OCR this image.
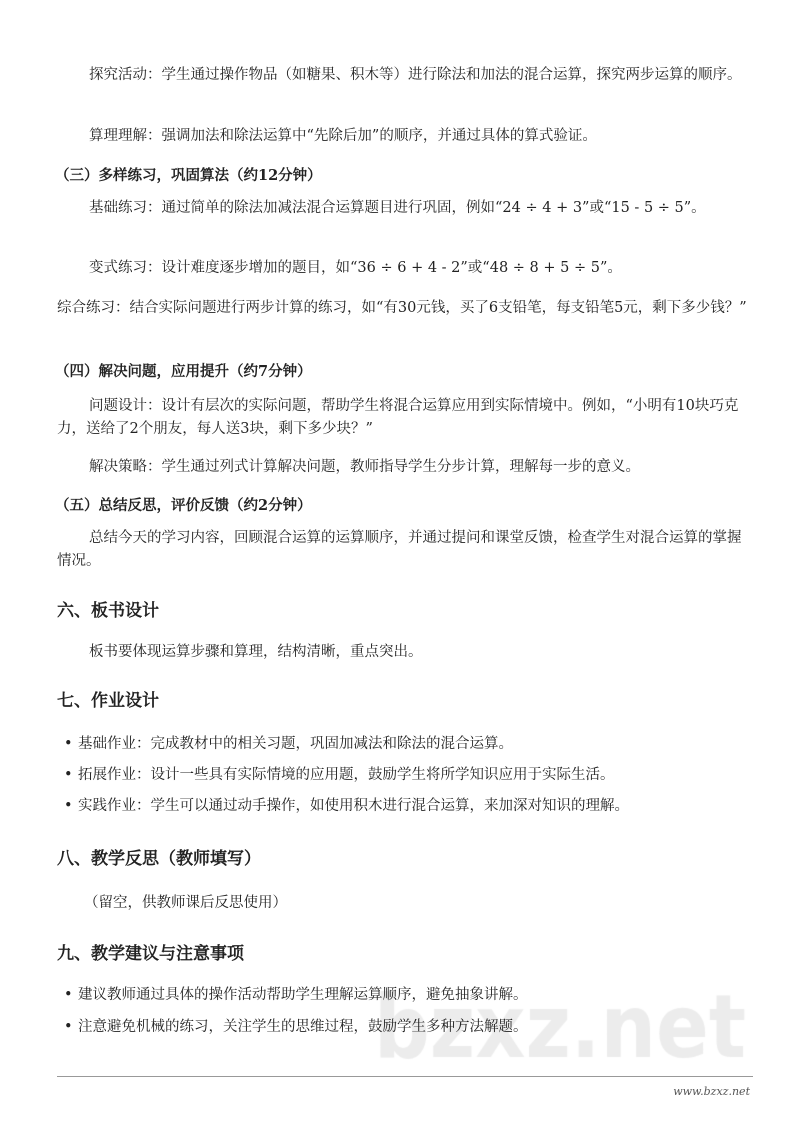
探究活动：学生通过操作物品（如糖果、积木等）进行除法和加法的混合运算，探究两步运算的顺序。
算理理解：强调加法和除法运算中“先除后加”的顺序，并通过具体的算式验证。
（三）多样练习，巩固算法（约12分钟）
基础练习：通过简单的除法加减法混合运算题目进行巩固，例如“24 ÷ 4 + 3”或“15 - 5 ÷ 5”。
变式练习：设计难度逐步增加的题目，如“36 ÷ 6 + 4 - 2”或“48 ÷ 8 + 5 ÷ 5”。
综合练习：结合实际问题进行两步计算的练习，如“有30元钱，买了6支铅笔，每支铅笔5元，剩下多少钱？”
（四）解决问题，应用提升（约7分钟）
问题设计：设计有层次的实际问题，帮助学生将混合运算应用到实际情境中。例如，“小明有10块巧克力，送给了2个朋友，每人送3块，剩下多少块？”
解决策略：学生通过列式计算解决问题，教师指导学生分步计算，理解每一步的意义。
（五）总结反思，评价反馈（约2分钟）
总结今天的学习内容，回顾混合运算的运算顺序，并通过提问和课堂反馈，检查学生对混合运算的掌握情况。
六、板书设计
板书要体现运算步骤和算理，结构清晰，重点突出。
七、作业设计
• 基础作业：完成教材中的相关习题，巩固加减法和除法的混合运算。
• 拓展作业：设计一些具有实际情境的应用题，鼓励学生将所学知识应用于实际生活。
• 实践作业：学生可以通过动手操作，如使用积木进行混合运算，来加深对知识的理解。
八、教学反思（教师填写）
（留空，供教师课后反思使用）
九、教学建议与注意事项
• 建议教师通过具体的操作活动帮助学生理解运算顺序，避免抽象讲解。
• 注意避免机械的练习，关注学生的思维过程，鼓励学生多种方法解题。
www.bzxz.net
